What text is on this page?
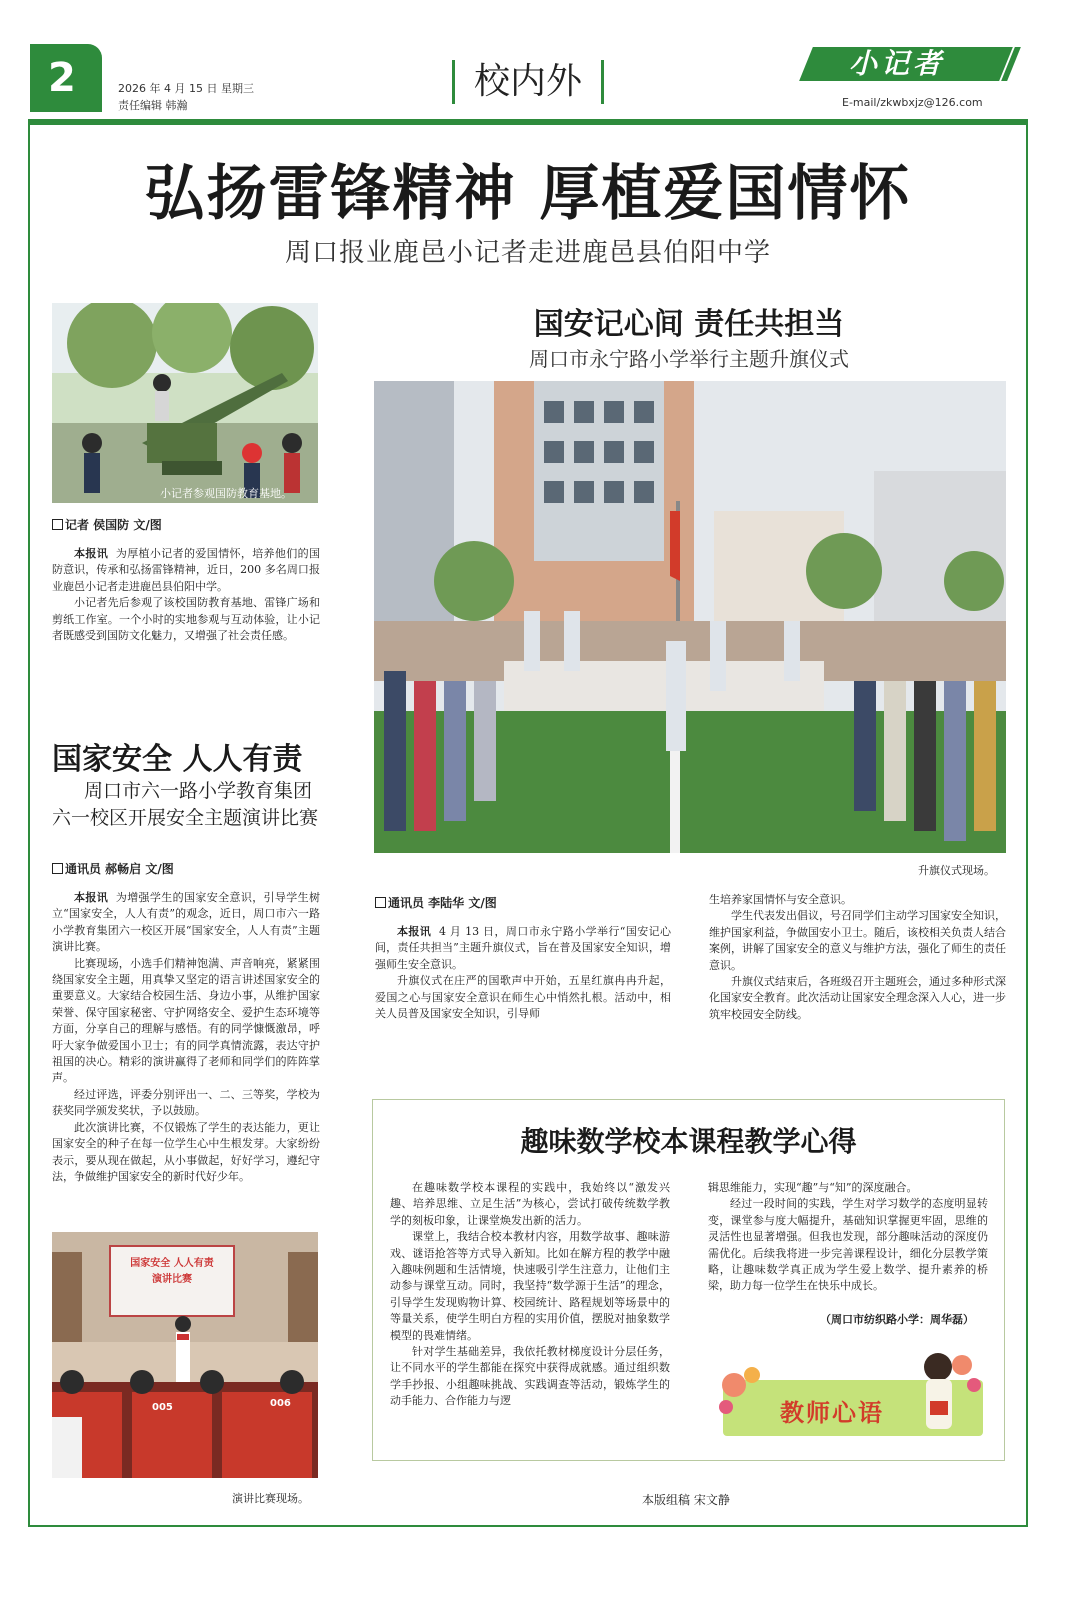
2	2026 年 4 月 15 日 星期三
责任编辑 韩瀚
校内外	小记者
E-mail/zkwbxjz@126.com
弘扬雷锋精神 厚植爱国情怀
周口报业鹿邑小记者走进鹿邑县伯阳中学
小记者参观国防教育基地。
记者 侯国防 文/图

本报讯 为厚植小记者的爱国情怀，培养他们的国防意识，传承和弘扬雷锋精神，近日，200 多名周口报业鹿邑小记者走进鹿邑县伯阳中学。

小记者先后参观了该校国防教育基地、雷锋广场和剪纸工作室。一个小时的实地参观与互动体验，让小记者既感受到国防文化魅力，又增强了社会责任感。

国家安全 人人有责
周口市六一路小学教育集团六一校区开展安全主题演讲比赛
通讯员 郝畅启 文/图

本报讯 为增强学生的国家安全意识，引导学生树立“国家安全，人人有责”的观念，近日，周口市六一路小学教育集团六一校区开展“国家安全，人人有责”主题演讲比赛。

比赛现场，小选手们精神饱满、声音响亮，紧紧围绕国家安全主题，用真挚又坚定的语言讲述国家安全的重要意义。大家结合校园生活、身边小事，从维护国家荣誉、保守国家秘密、守护网络安全、爱护生态环境等方面，分享自己的理解与感悟。有的同学慷慨激昂，呼吁大家争做爱国小卫士；有的同学真情流露，表达守护祖国的决心。精彩的演讲赢得了老师和同学们的阵阵掌声。

经过评选，评委分别评出一、二、三等奖，学校为获奖同学颁发奖状，予以鼓励。

此次演讲比赛，不仅锻炼了学生的表达能力，更让国家安全的种子在每一位学生心中生根发芽。大家纷纷表示，要从现在做起，从小事做起，好好学习，遵纪守法，争做维护国家安全的新时代好少年。

国家安全 人人有责
演讲比赛
005	006
演讲比赛现场。
国安记心间 责任共担当
周口市永宁路小学举行主题升旗仪式
升旗仪式现场。
通讯员 李陆华 文/图

本报讯 4 月 13 日，周口市永宁路小学举行“国安记心间，责任共担当”主题升旗仪式，旨在普及国家安全知识，增强师生安全意识。

升旗仪式在庄严的国歌声中开始，五星红旗冉冉升起，爱国之心与国家安全意识在师生心中悄然扎根。活动中，相关人员普及国家安全知识，引导师

生培养家国情怀与安全意识。

学生代表发出倡议，号召同学们主动学习国家安全知识，维护国家利益，争做国安小卫士。随后，该校相关负责人结合案例，讲解了国家安全的意义与维护方法，强化了师生的责任意识。

升旗仪式结束后，各班级召开主题班会，通过多种形式深化国家安全教育。此次活动让国家安全理念深入人心，进一步筑牢校园安全防线。

趣味数学校本课程教学心得

在趣味数学校本课程的实践中，我始终以“激发兴趣、培养思维、立足生活”为核心，尝试打破传统数学教学的刻板印象，让课堂焕发出新的活力。

课堂上，我结合校本教材内容，用数学故事、趣味游戏、谜语抢答等方式导入新知。比如在解方程的教学中融入趣味例题和生活情境，快速吸引学生注意力，让他们主动参与课堂互动。同时，我坚持“数学源于生活”的理念，引导学生发现购物计算、校园统计、路程规划等场景中的等量关系，使学生明白方程的实用价值，摆脱对抽象数学模型的畏难情绪。

针对学生基础差异，我依托教材梯度设计分层任务，让不同水平的学生都能在探究中获得成就感。通过组织数学手抄报、小组趣味挑战、实践调查等活动，锻炼学生的动手能力、合作能力与逻

辑思维能力，实现“趣”与“知”的深度融合。

经过一段时间的实践，学生对学习数学的态度明显转变，课堂参与度大幅提升，基础知识掌握更牢固，思维的灵活性也显著增强。但我也发现，部分趣味活动的深度仍需优化。后续我将进一步完善课程设计，细化分层教学策略，让趣味数学真正成为学生爱上数学、提升素养的桥梁，助力每一位学生在快乐中成长。

（周口市纺织路小学：周华磊）
教师心语
本版组稿 宋文静
